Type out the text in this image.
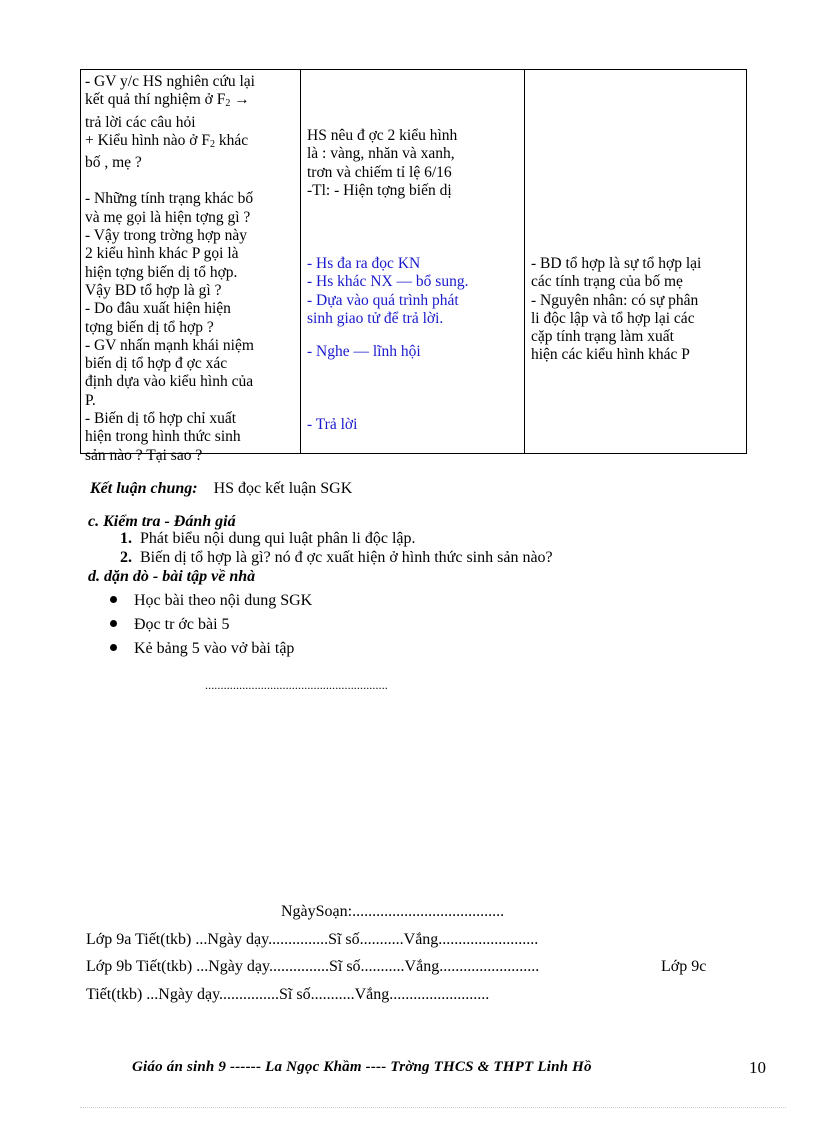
- GV y/c HS nghiên cứu lại
kết quả thí nghiệm ở $F_2$ →
trả lời các câu hỏi
+ Kiểu hình nào ở $F_2$ khác
bố , mẹ ?
- Những tính trạng khác bố
và mẹ gọi là hiện tợng gì ?
- Vậy trong trờng hợp này
2 kiểu hình khác P gọi là
hiện tợng biến dị tổ hợp.
Vậy BD tổ hợp là gì ?
- Do đâu xuất hiện hiện
tợng biến dị tổ hợp ?
- GV nhấn mạnh khái niệm
biến dị tổ hợp đ ợc xác
định dựa vào kiểu hình của
P.
- Biến dị tổ hợp chỉ xuất
hiện trong hình thức sinh
sản nào ? Tại sao ?
HS nêu đ ợc 2 kiểu hình
là : vàng, nhăn và xanh,
trơn và chiếm tỉ lệ 6/16
-Tl: - Hiện tợng biến dị
- Hs đa ra đọc KN
- Hs khác NX — bổ sung.
- Dựa vào quá trình phát
sinh giao tử để trả lời.
- Nghe — lĩnh hội
- Trả lời
- BD tổ hợp là sự tổ hợp lại
các tính trạng của bố mẹ
- Nguyên nhân: có sự phân
li độc lập và tổ hợp lại các
cặp tính trạng làm xuất
hiện các kiểu hình khác P
Kết luận chung: HS đọc kết luận SGK
c. Kiểm tra - Đánh giá
1. Phát biểu nội dung qui luật phân li độc lập.
2. Biến dị tổ hợp là gì? nó đ ợc xuất hiện ở hình thức sinh sản nào?
d. dặn dò - bài tập về nhà
Học bài theo nội dung SGK
Đọc tr ớc bài 5
Kẻ bảng 5 vào vở bài tập
...........................................................
NgàySoạn:......................................
Lớp 9a Tiết(tkb) ...Ngày dạy...............Sĩ số...........Vắng.........................
Lớp 9b Tiết(tkb) ...Ngày dạy...............Sĩ số...........Vắng.........................	Lớp 9c
Tiết(tkb) ...Ngày dạy...............Sĩ số...........Vắng.........................
Giáo án sinh 9 ------ La Ngọc Khầm ---- Trờng THCS & THPT Linh Hồ	10
